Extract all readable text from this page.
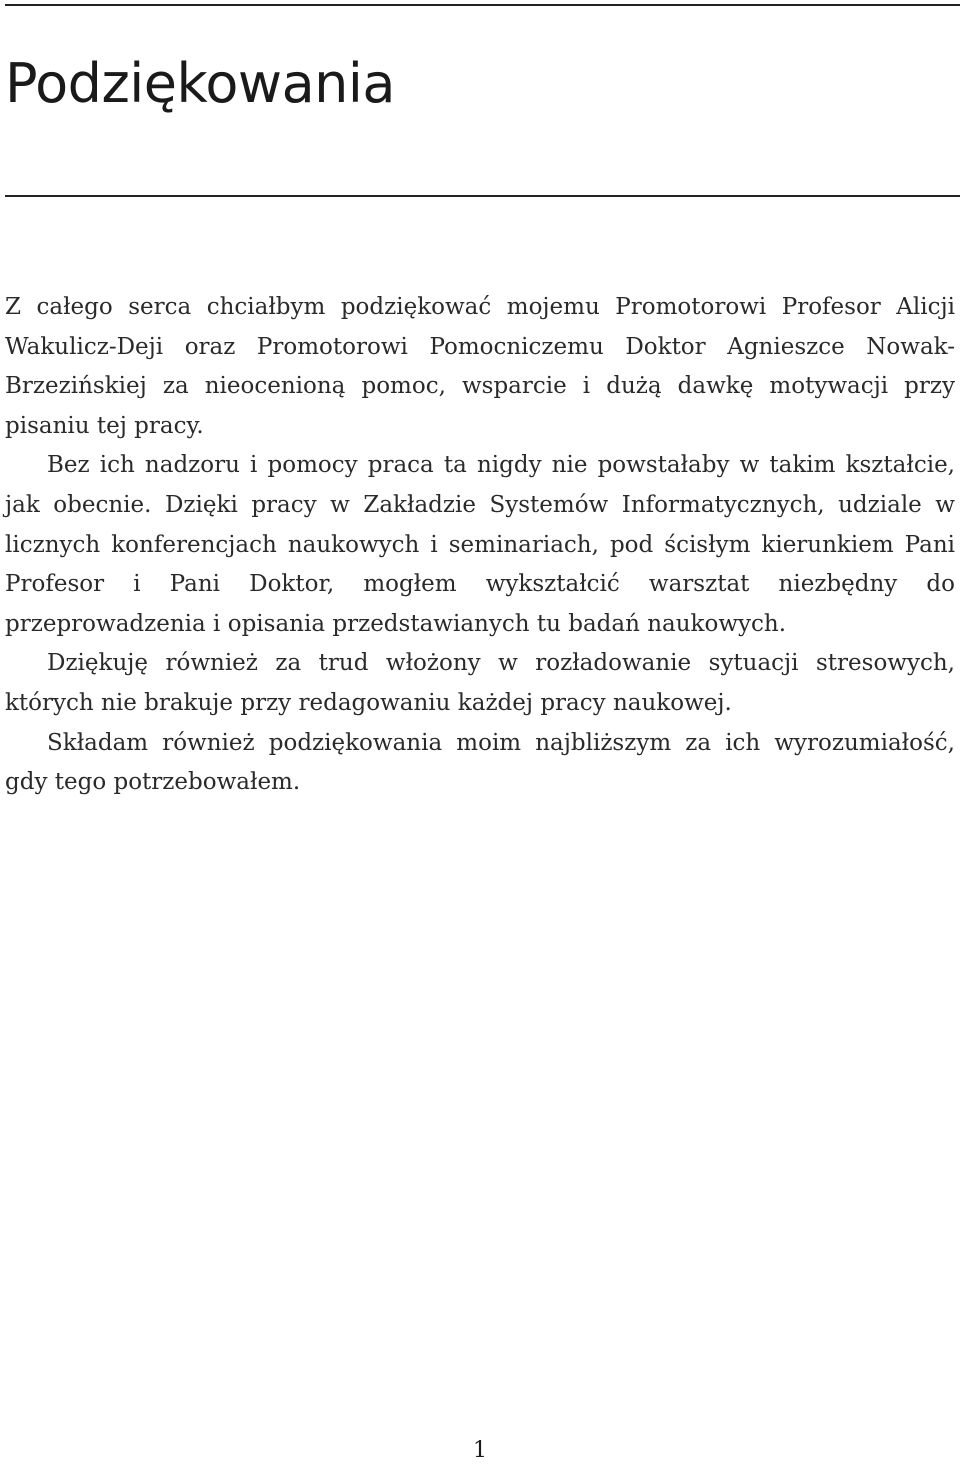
Podziękowania

Z całego serca chciałbym podziękować mojemu Promotorowi Profesor Alicji Wakulicz-Deji oraz Promotorowi Pomocniczemu Doktor Agnieszce Nowak-Brzezińskiej za nieocenioną pomoc, wsparcie i dużą dawkę motywacji przy pisaniu tej pracy.

Bez ich nadzoru i pomocy praca ta nigdy nie powstałaby w takim kształcie, jak obecnie. Dzięki pracy w Zakładzie Systemów Informatycznych, udziale w licznych konferencjach naukowych i seminariach, pod ścisłym kierunkiem Pani Profesor i Pani Doktor, mogłem wykształcić warsztat niezbędny do przeprowadzenia i opisania przedstawianych tu badań naukowych.

Dziękuję również za trud włożony w rozładowanie sytuacji stresowych, których nie brakuje przy redagowaniu każdej pracy naukowej.

Składam również podziękowania moim najbliższym za ich wyrozumiałość, gdy tego potrzebowałem.

1
